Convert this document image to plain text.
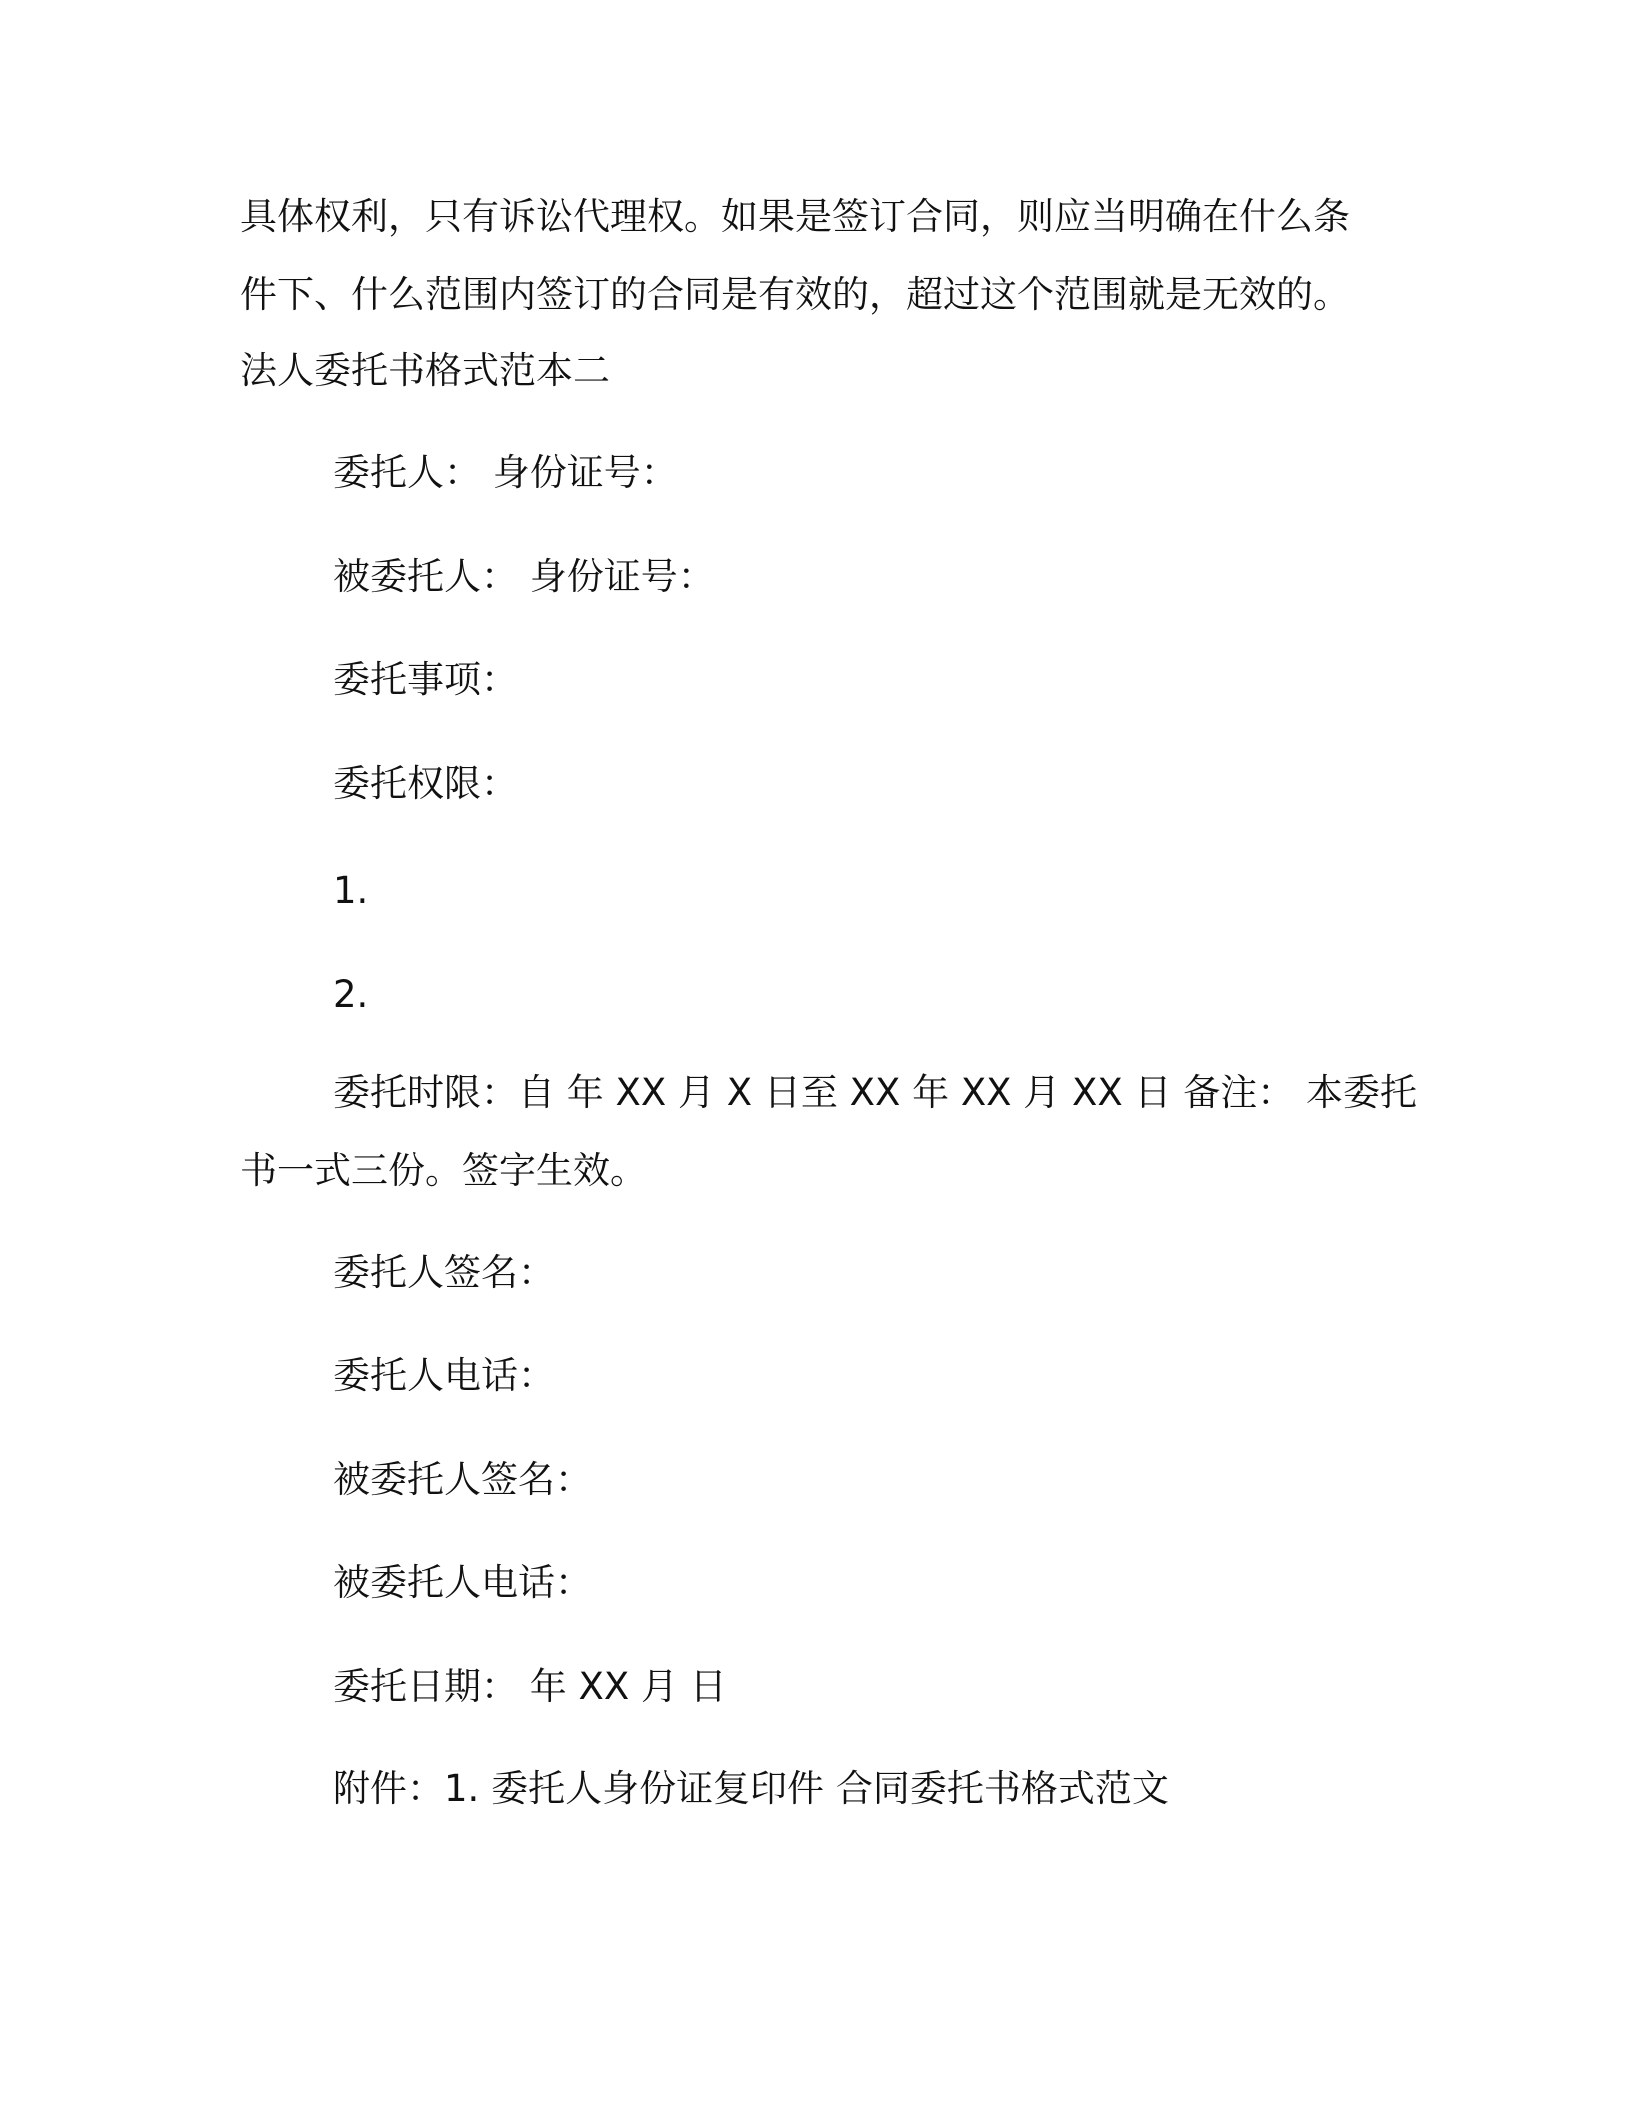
具体权利，只有诉讼代理权。如果是签订合同，则应当明确在什么条
件下、什么范围内签订的合同是有效的，超过这个范围就是无效的。
法人委托书格式范本二
委托人： 身份证号：
被委托人： 身份证号：
委托事项：
委托权限：
1.
2.
委托时限：自 年 XX 月 X 日至 XX 年 XX 月 XX 日 备注： 本委托
书一式三份。签字生效。
委托人签名：
委托人电话：
被委托人签名：
被委托人电话：
委托日期： 年 XX 月 日
附件：1. 委托人身份证复印件 合同委托书格式范文
